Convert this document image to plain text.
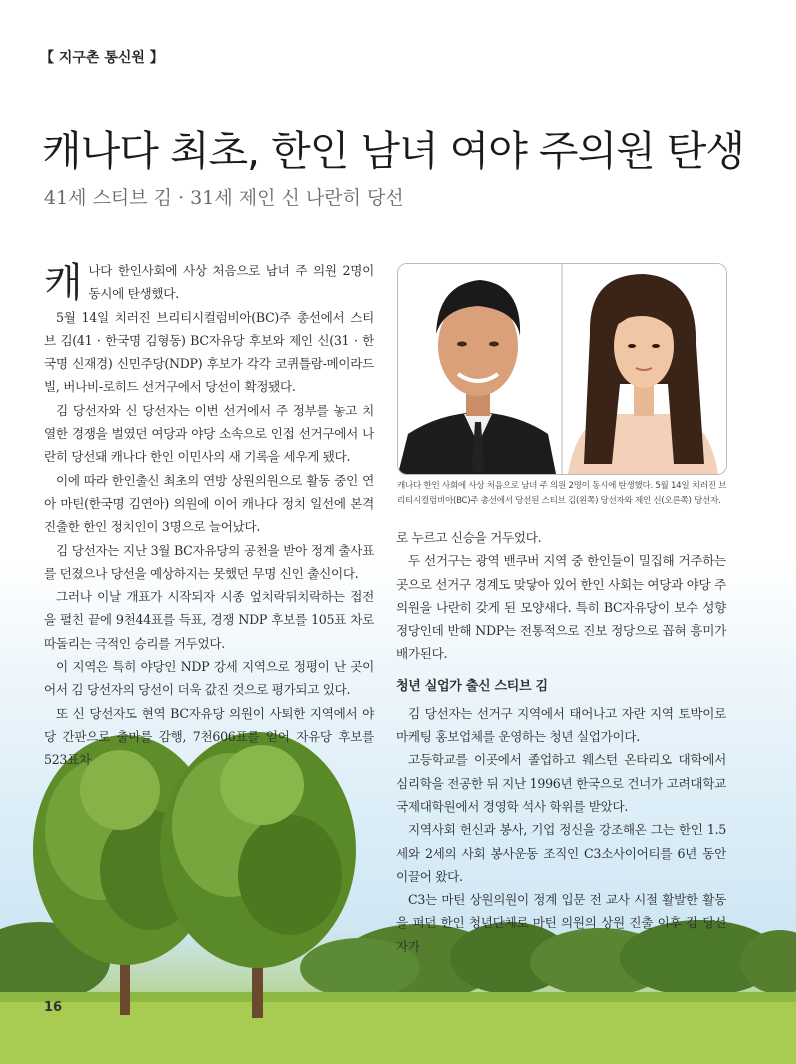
【 지구촌 통신원 】
캐나다 최초, 한인 남녀 여야 주의원 탄생
41세 스티브 김 · 31세 제인 신 나란히 당선

캐나다 한인사회에 사상 처음으로 남녀 주 의원 2명이 동시에 탄생했다.

5월 14일 치러진 브리티시컬럼비아(BC)주 총선에서 스티브 김(41 · 한국명 김형동) BC자유당 후보와 제인 신(31 · 한국명 신재경) 신민주당(NDP) 후보가 각각 코퀴틀람-메이라드빌, 버나비-로히드 선거구에서 당선이 확정됐다.

김 당선자와 신 당선자는 이번 선거에서 주 정부를 놓고 치열한 경쟁을 벌였던 여당과 야당 소속으로 인접 선거구에서 나란히 당선돼 캐나다 한인 이민사의 새 기록을 세우게 됐다.

이에 따라 한인출신 최초의 연방 상원의원으로 활동 중인 연아 마틴(한국명 김연아) 의원에 이어 캐나다 정치 일선에 본격 진출한 한인 정치인이 3명으로 늘어났다.

김 당선자는 지난 3월 BC자유당의 공천을 받아 정계 출사표를 던졌으나 당선을 예상하지는 못했던 무명 신인 출신이다.

그러나 이날 개표가 시작되자 시종 엎치락뒤치락하는 접전을 펼친 끝에 9천44표를 득표, 경쟁 NDP 후보를 105표 차로 따돌리는 극적인 승리를 거두었다.

이 지역은 특히 야당인 NDP 강세 지역으로 정평이 난 곳이어서 김 당선자의 당선이 더욱 값진 것으로 평가되고 있다.

또 신 당선자도 현역 BC자유당 의원이 사퇴한 지역에서 야당 간판으로 출마를 감행, 7천606표를 얻어 자유당 후보를 523표차

캐나다 한인 사회에 사상 처음으로 남녀 주 의원 2명이 동시에 탄생했다. 5월 14일 치러진 브리티시컬럼비아(BC)주 총선에서 당선된 스티브 김(왼쪽) 당선자와 제인 신(오른쪽) 당선자.

로 누르고 신승을 거두었다.

두 선거구는 광역 밴쿠버 지역 중 한인들이 밀집해 거주하는 곳으로 선거구 경계도 맞닿아 있어 한인 사회는 여당과 야당 주의원을 나란히 갖게 된 모양새다. 특히 BC자유당이 보수 성향 정당인데 반해 NDP는 전통적으로 진보 정당으로 꼽혀 흥미가 배가된다.

청년 실업가 출신 스티브 김

김 당선자는 선거구 지역에서 태어나고 자란 지역 토박이로 마케팅 홍보업체를 운영하는 청년 실업가이다.

고등학교를 이곳에서 졸업하고 웨스턴 온타리오 대학에서 심리학을 전공한 뒤 지난 1996년 한국으로 건너가 고려대학교 국제대학원에서 경영학 석사 학위를 받았다.

지역사회 헌신과 봉사, 기업 정신을 강조해온 그는 한인 1.5세와 2세의 사회 봉사운동 조직인 C3소사이어티를 6년 동안 이끌어 왔다.

C3는 마틴 상원의원이 정계 입문 전 교사 시절 활발한 활동을 펴던 한인 청년단체로 마틴 의원의 상원 진출 이후 김 당선자가

16
